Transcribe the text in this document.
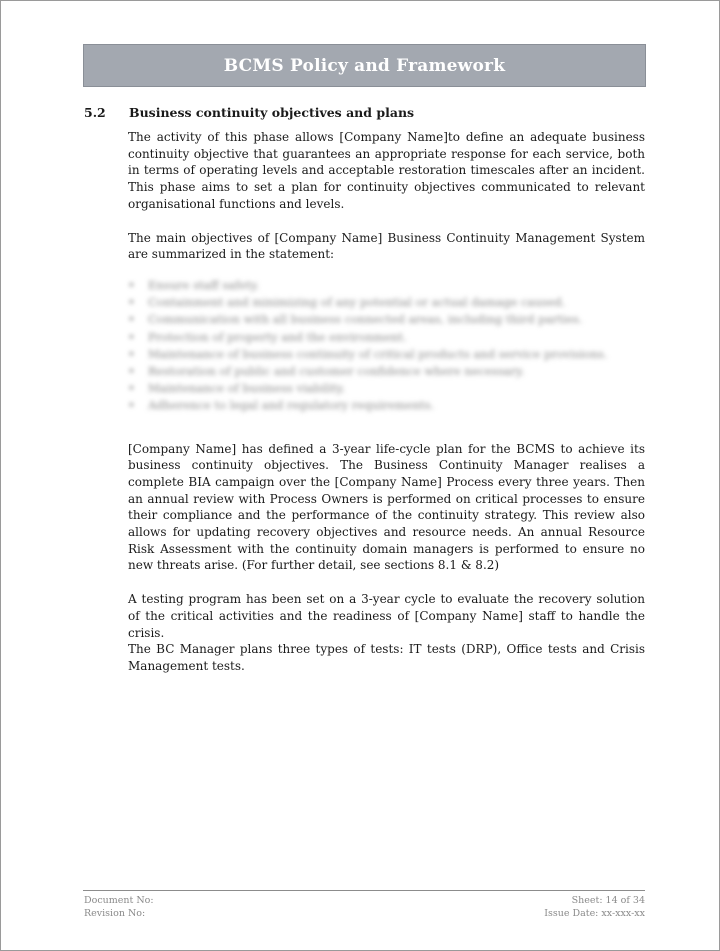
BCMS Policy and Framework
5.2	Business continuity objectives and plans

The activity of this phase allows [Company Name]to define an adequate business continuity objective that guarantees an appropriate response for each service, both in terms of operating levels and acceptable restoration timescales after an incident. This phase aims to set a plan for continuity objectives communicated to relevant organisational functions and levels.

The main objectives of [Company Name] Business Continuity Management System are summarized in the statement:

• Ensure staff safety.
• Containment and minimizing of any potential or actual damage caused.
• Communication with all business connected areas, including third parties.
• Protection of property and the environment.
• Maintenance of business continuity of critical products and service provisions.
• Restoration of public and customer confidence where necessary.
• Maintenance of business viability.
• Adherence to legal and regulatory requirements.

[Company Name] has defined a 3-year life-cycle plan for the BCMS to achieve its business continuity objectives. The Business Continuity Manager realises a complete BIA campaign over the [Company Name] Process every three years. Then an annual review with Process Owners is performed on critical processes to ensure their compliance and the performance of the continuity strategy. This review also allows for updating recovery objectives and resource needs. An annual Resource Risk Assessment with the continuity domain managers is performed to ensure no new threats arise. (For further detail, see sections 8.1 & 8.2)

A testing program has been set on a 3-year cycle to evaluate the recovery solution of the critical activities and the readiness of [Company Name] staff to handle the crisis.

The BC Manager plans three types of tests: IT tests (DRP), Office tests and Crisis Management tests.

Document No:
Revision No:
Sheet: 14 of 34
Issue Date: xx-xxx-xx
